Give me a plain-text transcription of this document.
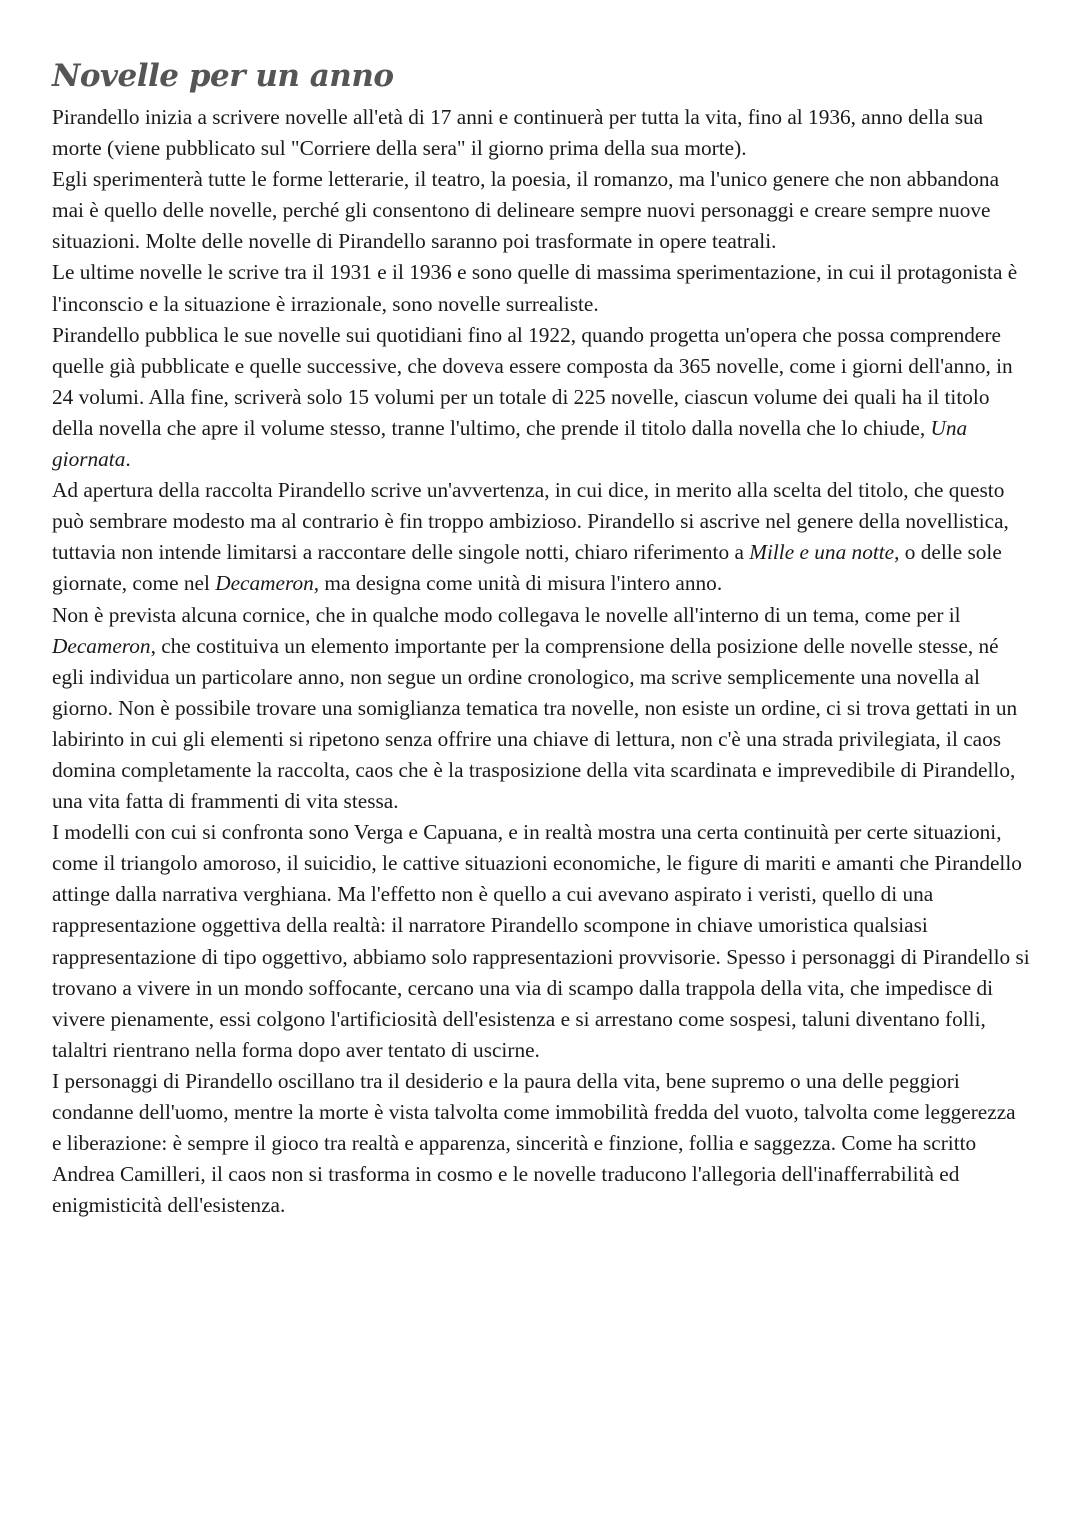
Novelle per un anno

Pirandello inizia a scrivere novelle all'età di 17 anni e continuerà per tutta la vita, fino al 1936, anno della sua morte (viene pubblicato sul "Corriere della sera" il giorno prima della sua morte).

Egli sperimenterà tutte le forme letterarie, il teatro, la poesia, il romanzo, ma l'unico genere che non abbandona mai è quello delle novelle, perché gli consentono di delineare sempre nuovi personaggi e creare sempre nuove situazioni. Molte delle novelle di Pirandello saranno poi trasformate in opere teatrali.

Le ultime novelle le scrive tra il 1931 e il 1936 e sono quelle di massima sperimentazione, in cui il protagonista è l'inconscio e la situazione è irrazionale, sono novelle surrealiste.

Pirandello pubblica le sue novelle sui quotidiani fino al 1922, quando progetta un'opera che possa comprendere quelle già pubblicate e quelle successive, che doveva essere composta da 365 novelle, come i giorni dell'anno, in 24 volumi. Alla fine, scriverà solo 15 volumi per un totale di 225 novelle, ciascun volume dei quali ha il titolo della novella che apre il volume stesso, tranne l'ultimo, che prende il titolo dalla novella che lo chiude, Una giornata.

Ad apertura della raccolta Pirandello scrive un'avvertenza, in cui dice, in merito alla scelta del titolo, che questo può sembrare modesto ma al contrario è fin troppo ambizioso. Pirandello si ascrive nel genere della novellistica, tuttavia non intende limitarsi a raccontare delle singole notti, chiaro riferimento a Mille e una notte, o delle sole giornate, come nel Decameron, ma designa come unità di misura l'intero anno.

Non è prevista alcuna cornice, che in qualche modo collegava le novelle all'interno di un tema, come per il Decameron, che costituiva un elemento importante per la comprensione della posizione delle novelle stesse, né egli individua un particolare anno, non segue un ordine cronologico, ma scrive semplicemente una novella al giorno. Non è possibile trovare una somiglianza tematica tra novelle, non esiste un ordine, ci si trova gettati in un labirinto in cui gli elementi si ripetono senza offrire una chiave di lettura, non c'è una strada privilegiata, il caos domina completamente la raccolta, caos che è la trasposizione della vita scardinata e imprevedibile di Pirandello, una vita fatta di frammenti di vita stessa.

I modelli con cui si confronta sono Verga e Capuana, e in realtà mostra una certa continuità per certe situazioni, come il triangolo amoroso, il suicidio, le cattive situazioni economiche, le figure di mariti e amanti che Pirandello attinge dalla narrativa verghiana. Ma l'effetto non è quello a cui avevano aspirato i veristi, quello di una rappresentazione oggettiva della realtà: il narratore Pirandello scompone in chiave umoristica qualsiasi rappresentazione di tipo oggettivo, abbiamo solo rappresentazioni provvisorie. Spesso i personaggi di Pirandello si trovano a vivere in un mondo soffocante, cercano una via di scampo dalla trappola della vita, che impedisce di vivere pienamente, essi colgono l'artificiosità dell'esistenza e si arrestano come sospesi, taluni diventano folli, talaltri rientrano nella forma dopo aver tentato di uscirne.

I personaggi di Pirandello oscillano tra il desiderio e la paura della vita, bene supremo o una delle peggiori condanne dell'uomo, mentre la morte è vista talvolta come immobilità fredda del vuoto, talvolta come leggerezza e liberazione: è sempre il gioco tra realtà e apparenza, sincerità e finzione, follia e saggezza. Come ha scritto Andrea Camilleri, il caos non si trasforma in cosmo e le novelle traducono l'allegoria dell'inafferrabilità ed enigmisticità dell'esistenza.
